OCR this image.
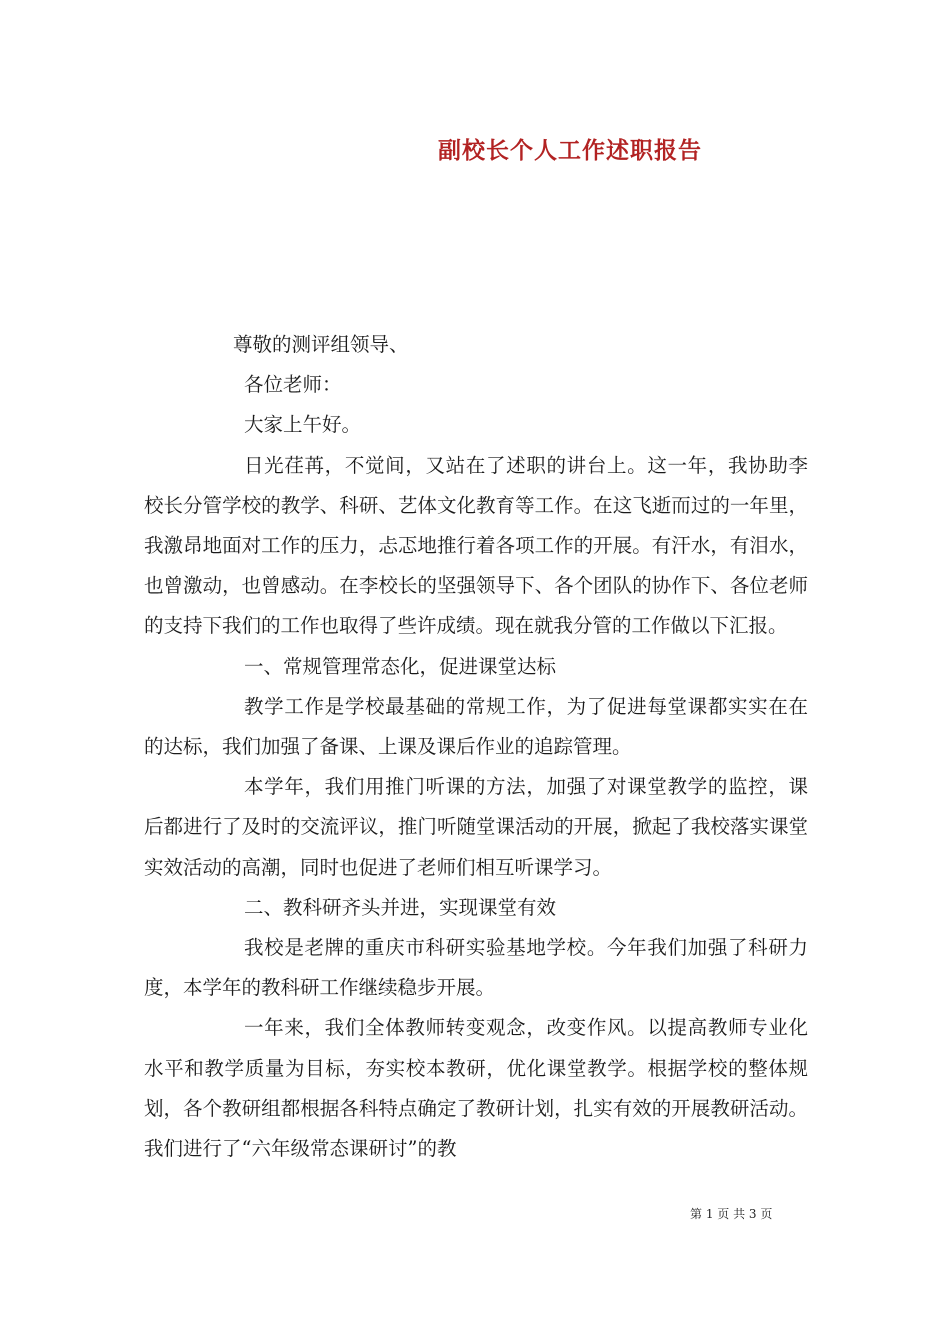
副校长个人工作述职报告

尊敬的测评组领导、

各位老师：

大家上午好。

日光荏苒，不觉间，又站在了述职的讲台上。这一年，我协助李校长分管学校的教学、科研、艺体文化教育等工作。在这飞逝而过的一年里，我激昂地面对工作的压力，忐忑地推行着各项工作的开展。有汗水，有泪水，也曾激动，也曾感动。在李校长的坚强领导下、各个团队的协作下、各位老师的支持下我们的工作也取得了些许成绩。现在就我分管的工作做以下汇报。

一、常规管理常态化，促进课堂达标

教学工作是学校最基础的常规工作，为了促进每堂课都实实在在的达标，我们加强了备课、上课及课后作业的追踪管理。

本学年，我们用推门听课的方法，加强了对课堂教学的监控，课后都进行了及时的交流评议，推门听随堂课活动的开展，掀起了我校落实课堂实效活动的高潮，同时也促进了老师们相互听课学习。

二、教科研齐头并进，实现课堂有效

我校是老牌的重庆市科研实验基地学校。今年我们加强了科研力度，本学年的教科研工作继续稳步开展。

一年来，我们全体教师转变观念，改变作风。以提高教师专业化水平和教学质量为目标，夯实校本教研，优化课堂教学。根据学校的整体规划，各个教研组都根据各科特点确定了教研计划，扎实有效的开展教研活动。我们进行了“六年级常态课研讨”的教

第 1 页 共 3 页
